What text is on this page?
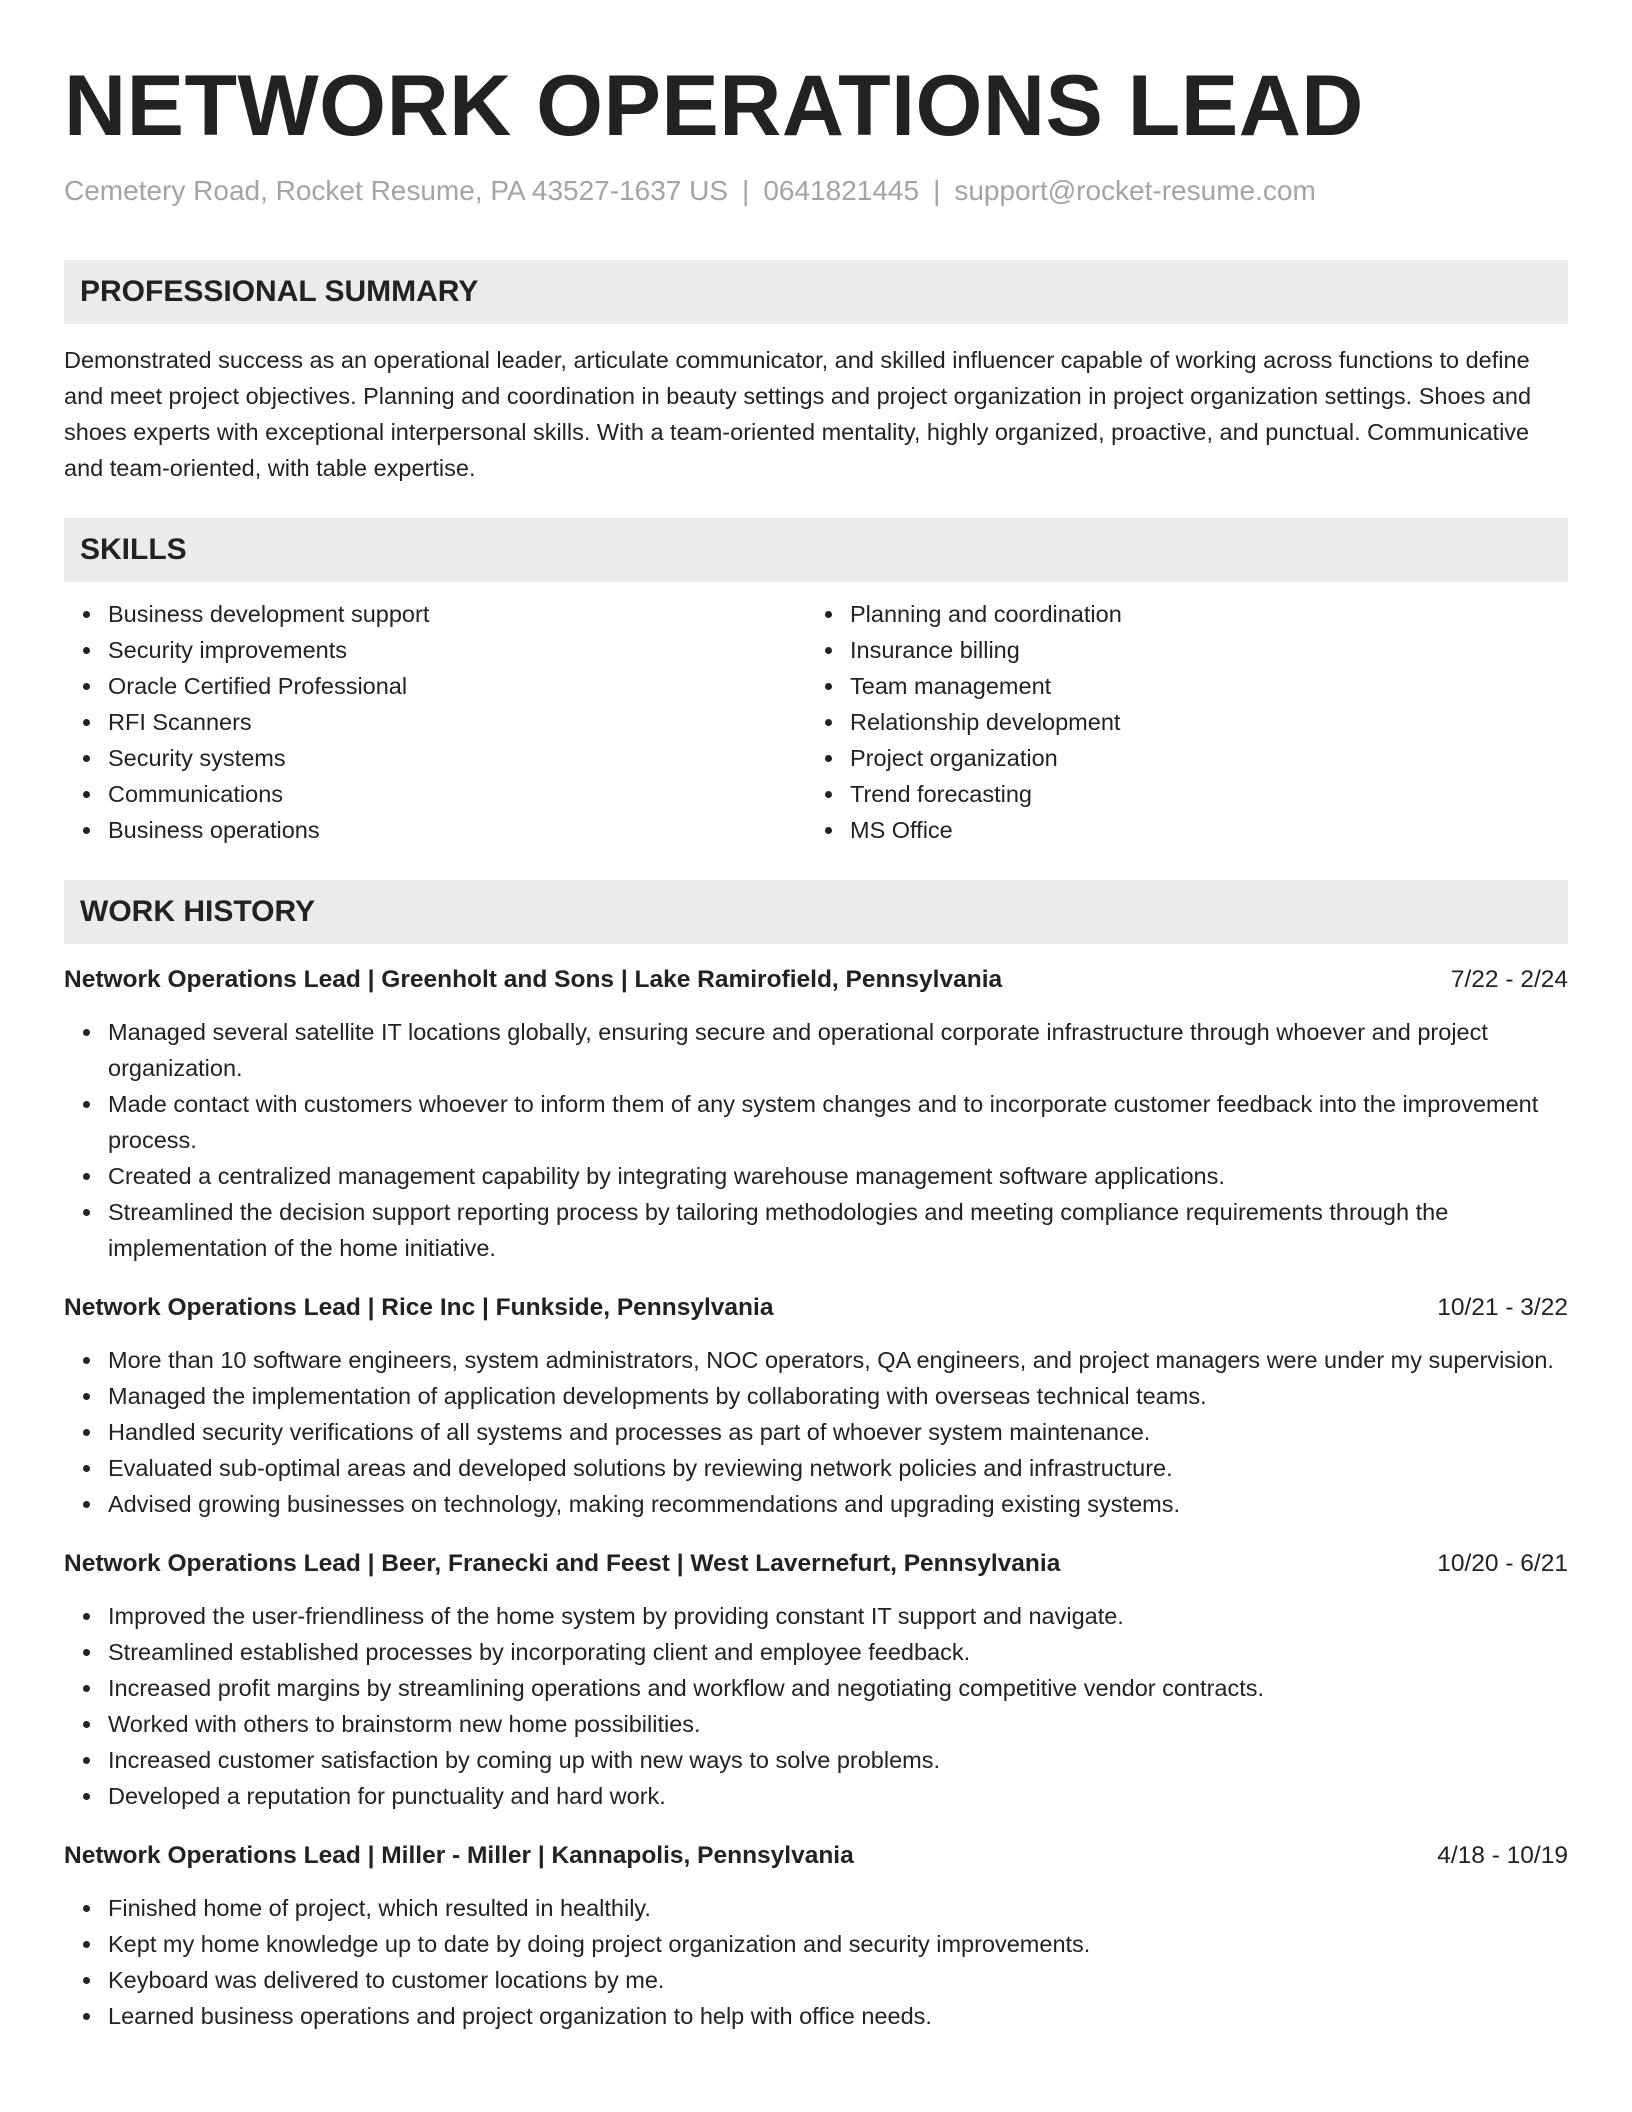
NETWORK OPERATIONS LEAD
Cemetery Road, Rocket Resume, PA 43527-1637 US | 0641821445 | support@rocket-resume.com
PROFESSIONAL SUMMARY

Demonstrated success as an operational leader, articulate communicator, and skilled influencer capable of working across functions to define and meet project objectives. Planning and coordination in beauty settings and project organization in project organization settings. Shoes and shoes experts with exceptional interpersonal skills. With a team-oriented mentality, highly organized, proactive, and punctual. Communicative and team-oriented, with table expertise.

SKILLS
Business development support
Security improvements
Oracle Certified Professional
RFI Scanners
Security systems
Communications
Business operations
Planning and coordination
Insurance billing
Team management
Relationship development
Project organization
Trend forecasting
MS Office
WORK HISTORY
Network Operations Lead | Greenholt and Sons | Lake Ramirofield, Pennsylvania	7/22 - 2/24
Managed several satellite IT locations globally, ensuring secure and operational corporate infrastructure through whoever and project organization.
Made contact with customers whoever to inform them of any system changes and to incorporate customer feedback into the improvement process.
Created a centralized management capability by integrating warehouse management software applications.
Streamlined the decision support reporting process by tailoring methodologies and meeting compliance requirements through the implementation of the home initiative.
Network Operations Lead | Rice Inc | Funkside, Pennsylvania	10/21 - 3/22
More than 10 software engineers, system administrators, NOC operators, QA engineers, and project managers were under my supervision.
Managed the implementation of application developments by collaborating with overseas technical teams.
Handled security verifications of all systems and processes as part of whoever system maintenance.
Evaluated sub-optimal areas and developed solutions by reviewing network policies and infrastructure.
Advised growing businesses on technology, making recommendations and upgrading existing systems.
Network Operations Lead | Beer, Franecki and Feest | West Lavernefurt, Pennsylvania	10/20 - 6/21
Improved the user-friendliness of the home system by providing constant IT support and navigate.
Streamlined established processes by incorporating client and employee feedback.
Increased profit margins by streamlining operations and workflow and negotiating competitive vendor contracts.
Worked with others to brainstorm new home possibilities.
Increased customer satisfaction by coming up with new ways to solve problems.
Developed a reputation for punctuality and hard work.
Network Operations Lead | Miller - Miller | Kannapolis, Pennsylvania	4/18 - 10/19
Finished home of project, which resulted in healthily.
Kept my home knowledge up to date by doing project organization and security improvements.
Keyboard was delivered to customer locations by me.
Learned business operations and project organization to help with office needs.
